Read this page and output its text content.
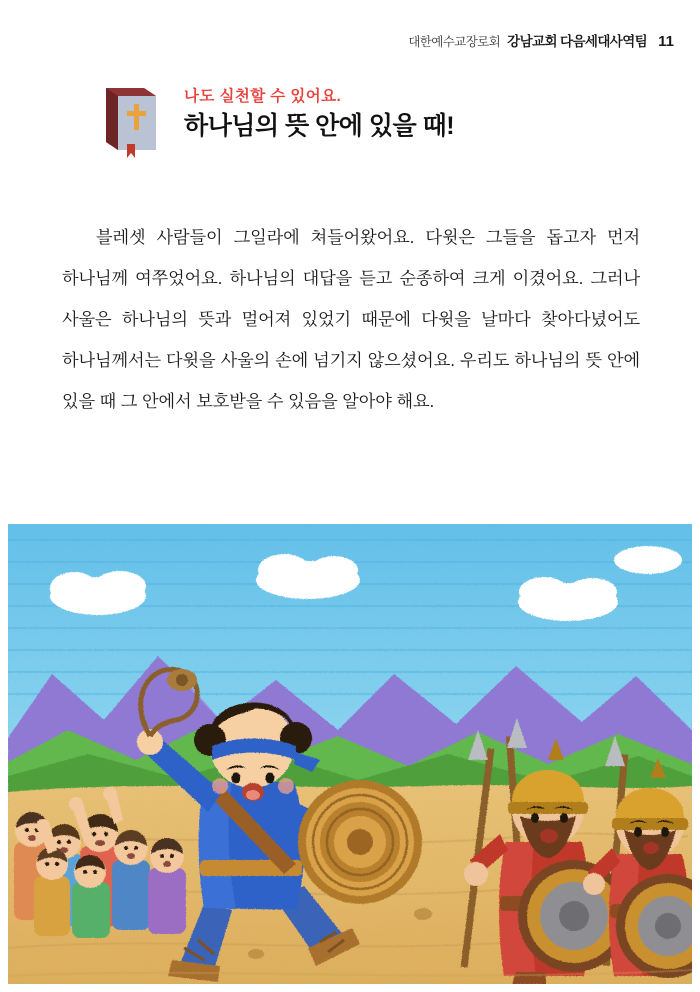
대한예수교장로회 강남교회 다음세대사역팀 11

나도 실천할 수 있어요.

하나님의 뜻 안에 있을 때!

블레셋 사람들이 그일라에 쳐들어왔어요. 다윗은 그들을 돕고자 먼저 하나님께 여쭈었어요. 하나님의 대답을 듣고 순종하여 크게 이겼어요. 그러나 사울은 하나님의 뜻과 멀어져 있었기 때문에 다윗을 날마다 찾아다녔어도 하나님께서는 다윗을 사울의 손에 넘기지 않으셨어요. 우리도 하나님의 뜻 안에 있을 때 그 안에서 보호받을 수 있음을 알아야 해요.
